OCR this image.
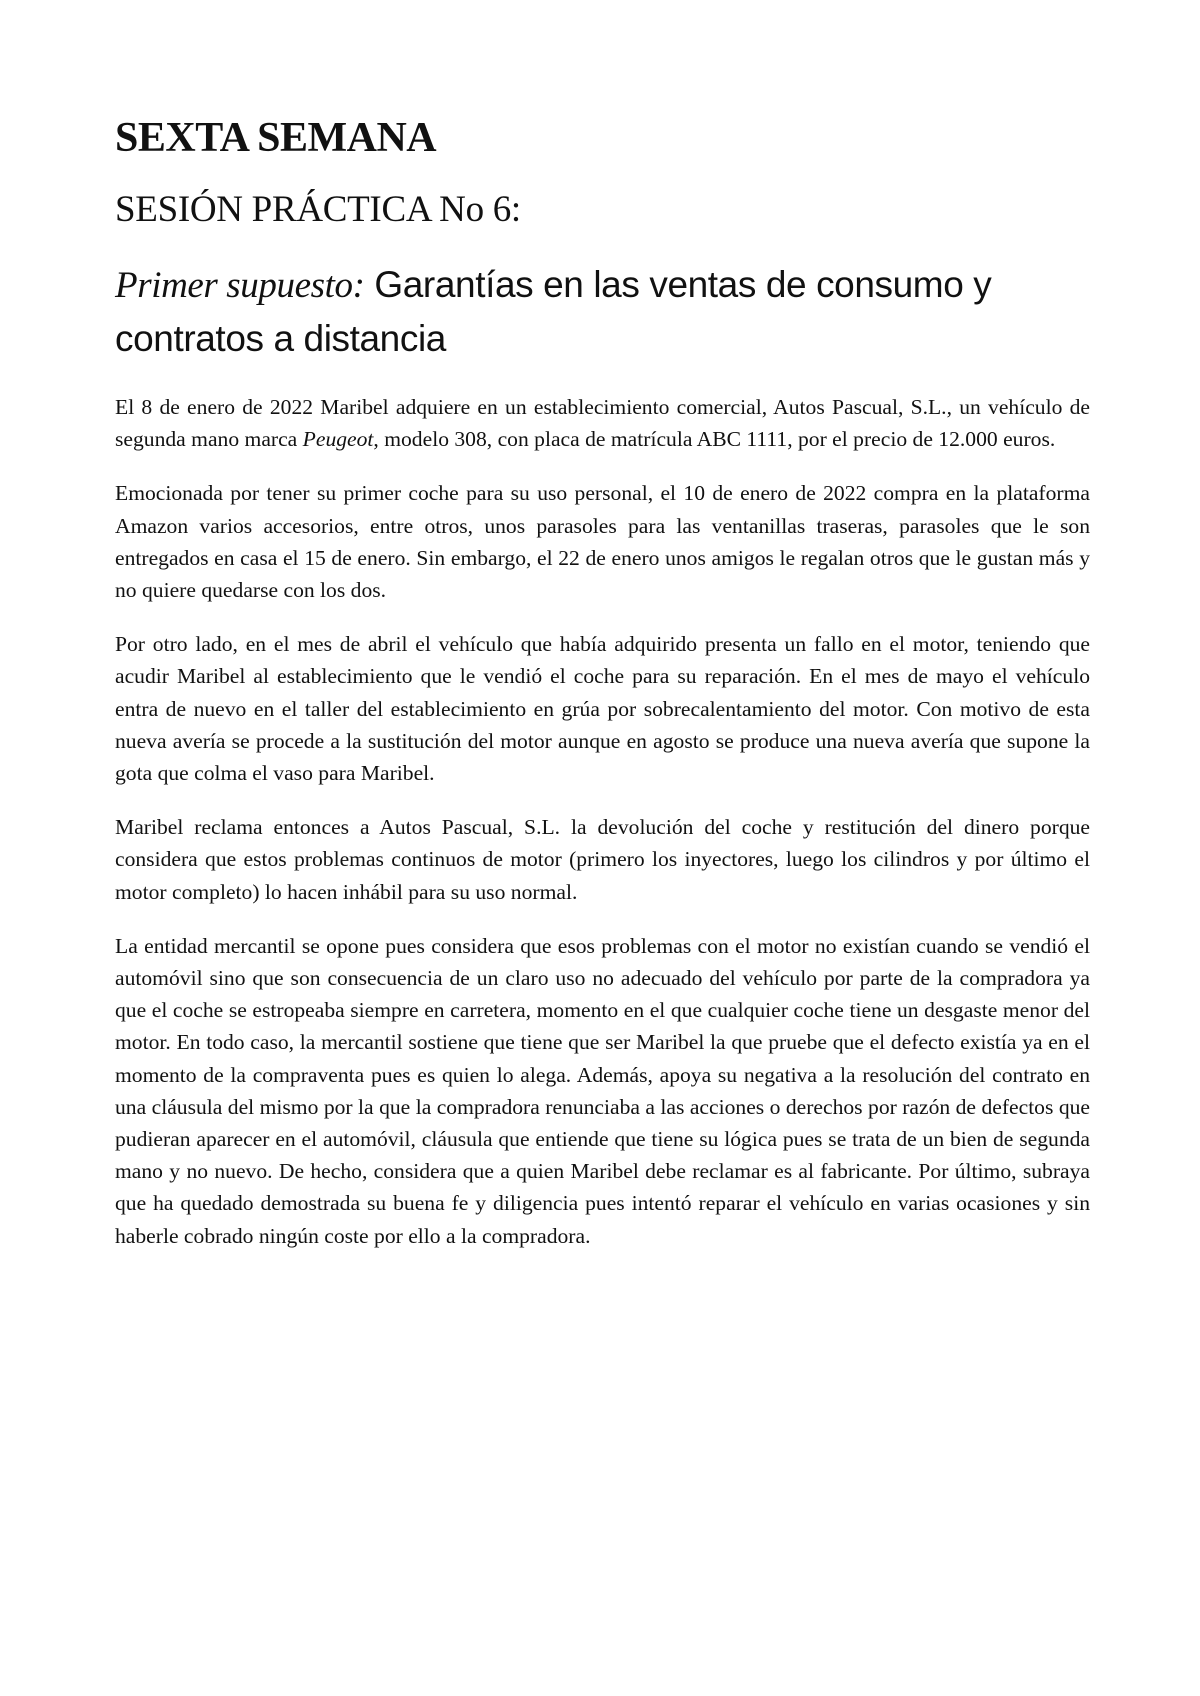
SEXTA SEMANA
SESIÓN PRÁCTICA No 6:
Primer supuesto: Garantías en las ventas de consumo y contratos a distancia

El 8 de enero de 2022 Maribel adquiere en un establecimiento comercial, Autos Pascual, S.L., un vehículo de segunda mano marca Peugeot, modelo 308, con placa de matrícula ABC 1111, por el precio de 12.000 euros.

Emocionada por tener su primer coche para su uso personal, el 10 de enero de 2022 compra en la plataforma Amazon varios accesorios, entre otros, unos parasoles para las ventanillas traseras, parasoles que le son entregados en casa el 15 de enero. Sin embargo, el 22 de enero unos amigos le regalan otros que le gustan más y no quiere quedarse con los dos.

Por otro lado, en el mes de abril el vehículo que había adquirido presenta un fallo en el motor, teniendo que acudir Maribel al establecimiento que le vendió el coche para su reparación. En el mes de mayo el vehículo entra de nuevo en el taller del establecimiento en grúa por sobrecalentamiento del motor. Con motivo de esta nueva avería se procede a la sustitución del motor aunque en agosto se produce una nueva avería que supone la gota que colma el vaso para Maribel.

Maribel reclama entonces a Autos Pascual, S.L. la devolución del coche y restitución del dinero porque considera que estos problemas continuos de motor (primero los inyectores, luego los cilindros y por último el motor completo) lo hacen inhábil para su uso normal.

La entidad mercantil se opone pues considera que esos problemas con el motor no existían cuando se vendió el automóvil sino que son consecuencia de un claro uso no adecuado del vehículo por parte de la compradora ya que el coche se estropeaba siempre en carretera, momento en el que cualquier coche tiene un desgaste menor del motor. En todo caso, la mercantil sostiene que tiene que ser Maribel la que pruebe que el defecto existía ya en el momento de la compraventa pues es quien lo alega. Además, apoya su negativa a la resolución del contrato en una cláusula del mismo por la que la compradora renunciaba a las acciones o derechos por razón de defectos que pudieran aparecer en el automóvil, cláusula que entiende que tiene su lógica pues se trata de un bien de segunda mano y no nuevo. De hecho, considera que a quien Maribel debe reclamar es al fabricante. Por último, subraya que ha quedado demostrada su buena fe y diligencia pues intentó reparar el vehículo en varias ocasiones y sin haberle cobrado ningún coste por ello a la compradora.
